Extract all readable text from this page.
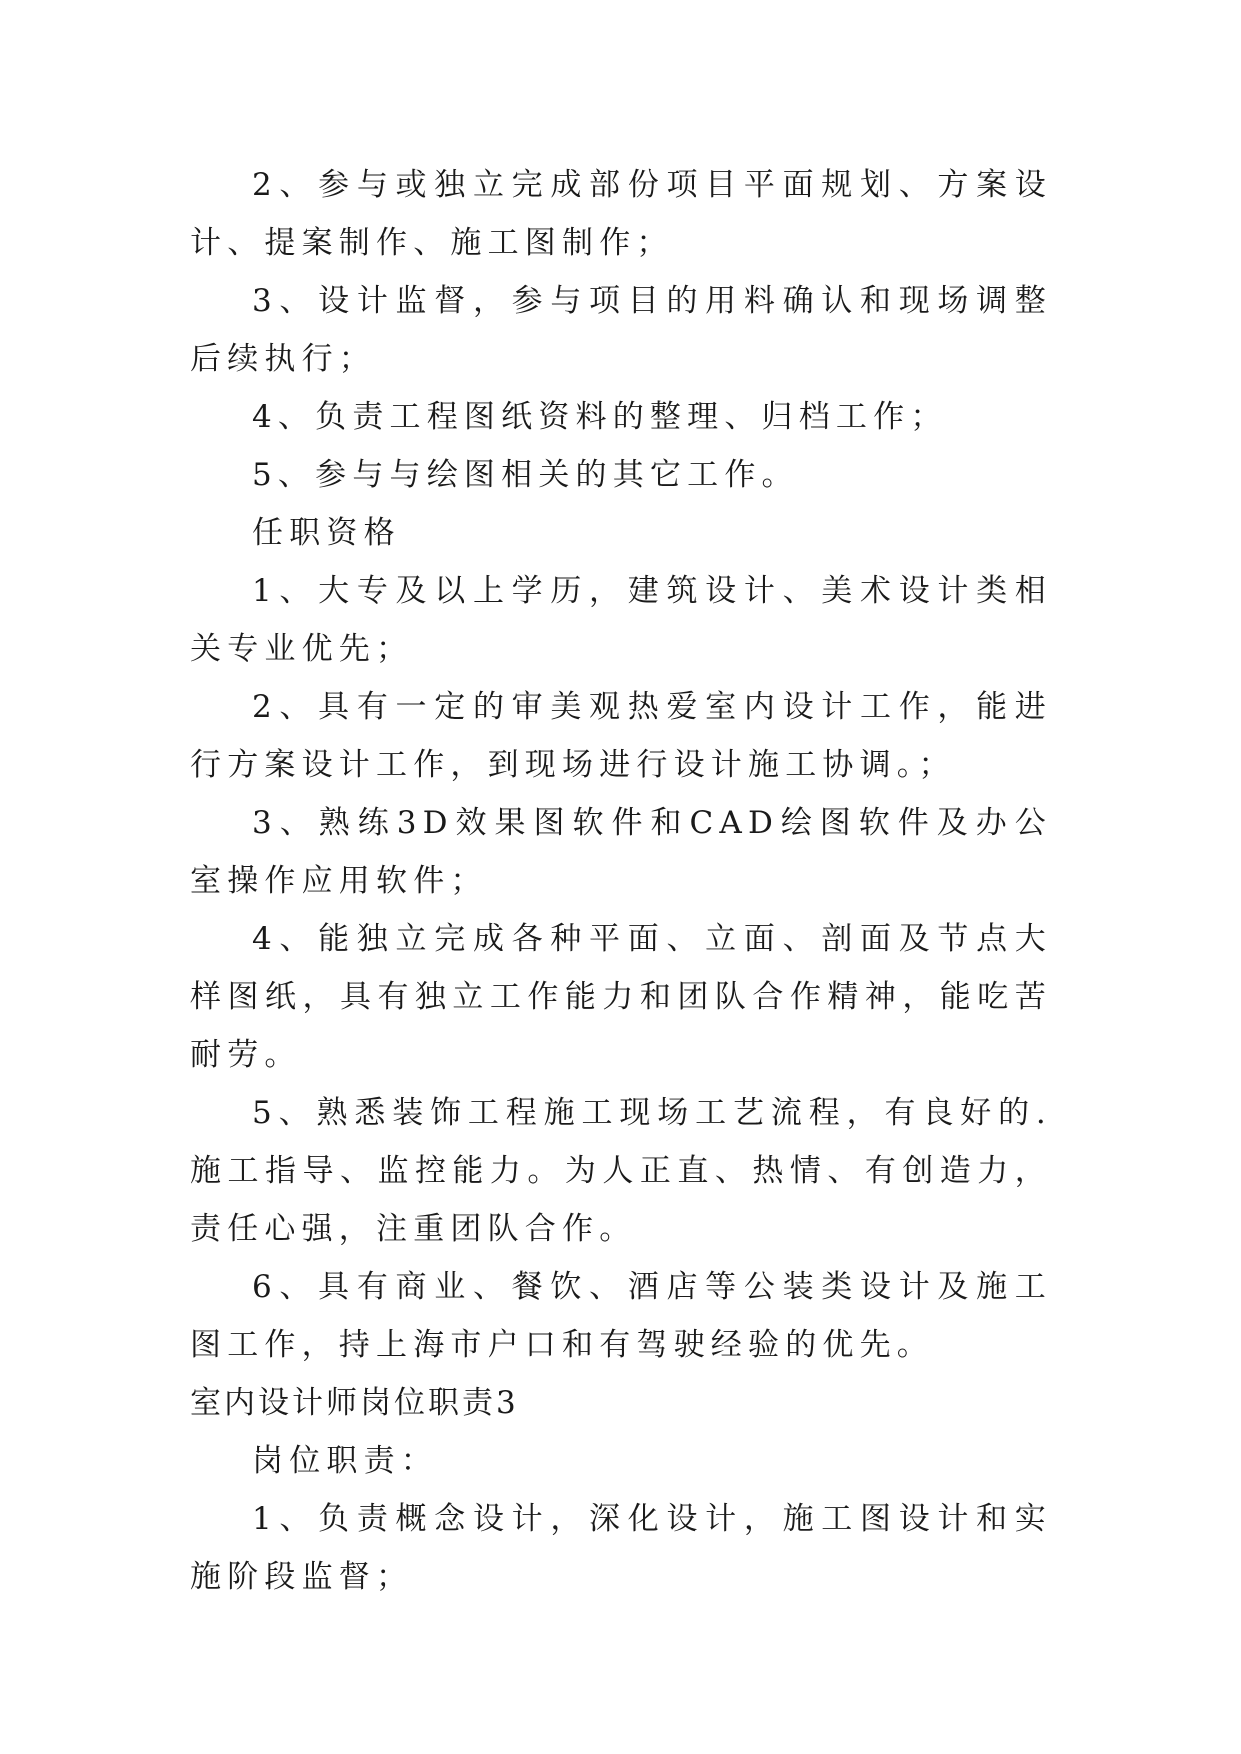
2、参与或独立完成部份项目平面规划、方案设计、提案制作、施工图制作；

3、设计监督，参与项目的用料确认和现场调整后续执行；

4、负责工程图纸资料的整理、归档工作；

5、参与与绘图相关的其它工作。

任职资格

1、大专及以上学历，建筑设计、美术设计类相关专业优先；

2、具有一定的审美观热爱室内设计工作，能进行方案设计工作，到现场进行设计施工协调。；

3、熟练3D效果图软件和CAD绘图软件及办公室操作应用软件；

4、能独立完成各种平面、立面、剖面及节点大样图纸，具有独立工作能力和团队合作精神，能吃苦耐劳。

5、熟悉装饰工程施工现场工艺流程，有良好的.施工指导、监控能力。为人正直、热情、有创造力，责任心强，注重团队合作。

6、具有商业、餐饮、酒店等公装类设计及施工图工作，持上海市户口和有驾驶经验的优先。

室内设计师岗位职责3

岗位职责：

1、负责概念设计，深化设计，施工图设计和实施阶段监督；
